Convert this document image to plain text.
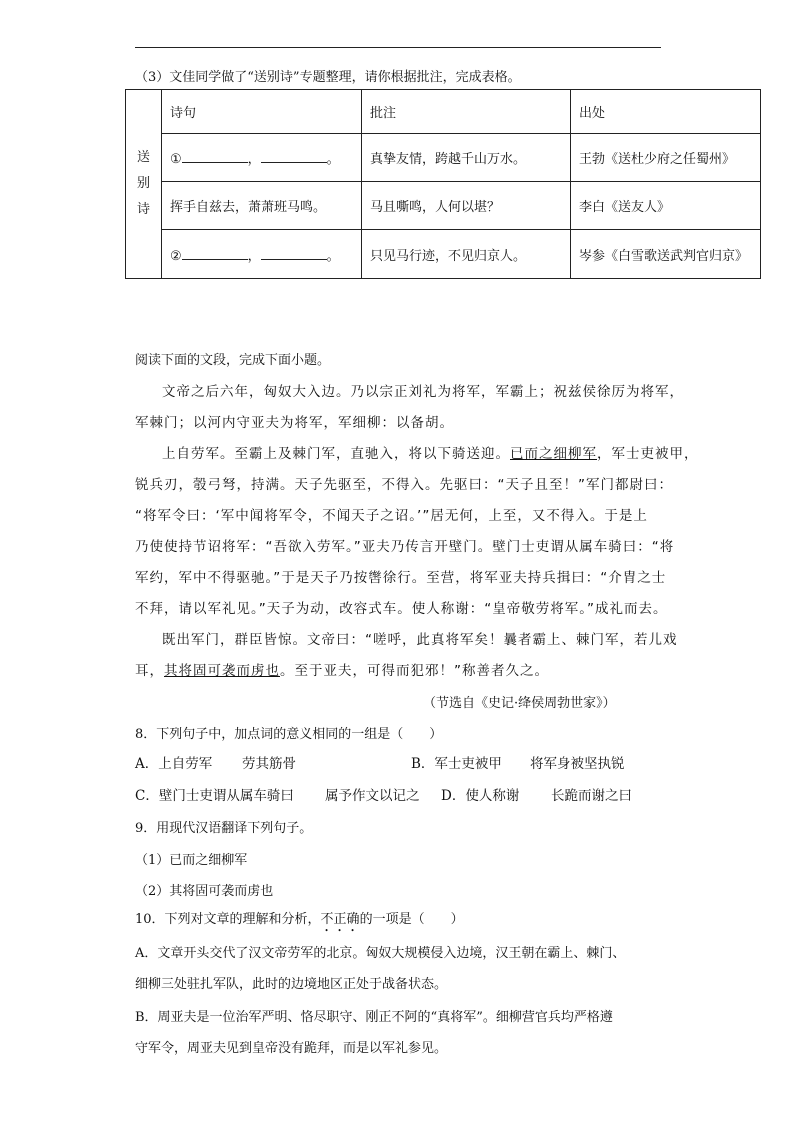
（3）文佳同学做了“送别诗”专题整理，请你根据批注，完成表格。
送
别
诗	诗句	批注	出处
	① ， 。	真挚友情，跨越千山万水。	王勃《送杜少府之任蜀州》
	挥手自兹去，萧萧班马鸣。	马且嘶鸣，人何以堪？	李白《送友人》
	② ， 。	只见马行迹，不见归京人。	岑参《白雪歌送武判官归京》
阅读下面的文段，完成下面小题。
文帝之后六年，匈奴大入边。乃以宗正刘礼为将军，军霸上；祝兹侯徐厉为将军，
军棘门；以河内守亚夫为将军，军细柳：以备胡。
上自劳军。至霸上及棘门军，直驰入，将以下骑送迎。已而之细柳军，军士吏被甲，
锐兵刃，彀弓弩，持满。天子先驱至，不得入。先驱曰：“天子且至！”军门都尉曰：
“将军令曰：‘军中闻将军令，不闻天子之诏。’”居无何，上至，又不得入。于是上
乃使使持节诏将军：“吾欲入劳军。”亚夫乃传言开壁门。壁门士吏谓从属车骑曰：“将
军约，军中不得驱驰。”于是天子乃按辔徐行。至营，将军亚夫持兵揖曰：“介胄之士
不拜，请以军礼见。”天子为动，改容式车。使人称谢：“皇帝敬劳将军。”成礼而去。
既出军门，群臣皆惊。文帝曰：“嗟呼，此真将军矣！曩者霸上、棘门军，若儿戏
耳，其将固可袭而虏也。至于亚夫，可得而犯邪！”称善者久之。
（节选自《史记·绛侯周勃世家》）
8．下列句子中，加点词的意义相同的一组是（　　）
A．上自劳军 劳其筋骨	B．军士吏被甲 将军身被坚执锐
C．壁门士吏谓从属车骑曰 属予作文以记之 D．使人称谢 长跪而谢之曰
9．用现代汉语翻译下列句子。
（1）已而之细柳军
（2）其将固可袭而虏也
10．下列对文章的理解和分析，不正确的一项是（　　）
A．文章开头交代了汉文帝劳军的北京。匈奴大规模侵入边境，汉王朝在霸上、棘门、
细柳三处驻扎军队，此时的边境地区正处于战备状态。
B．周亚夫是一位治军严明、恪尽职守、刚正不阿的“真将军”。细柳营官兵均严格遵
守军令，周亚夫见到皇帝没有跪拜，而是以军礼参见。
